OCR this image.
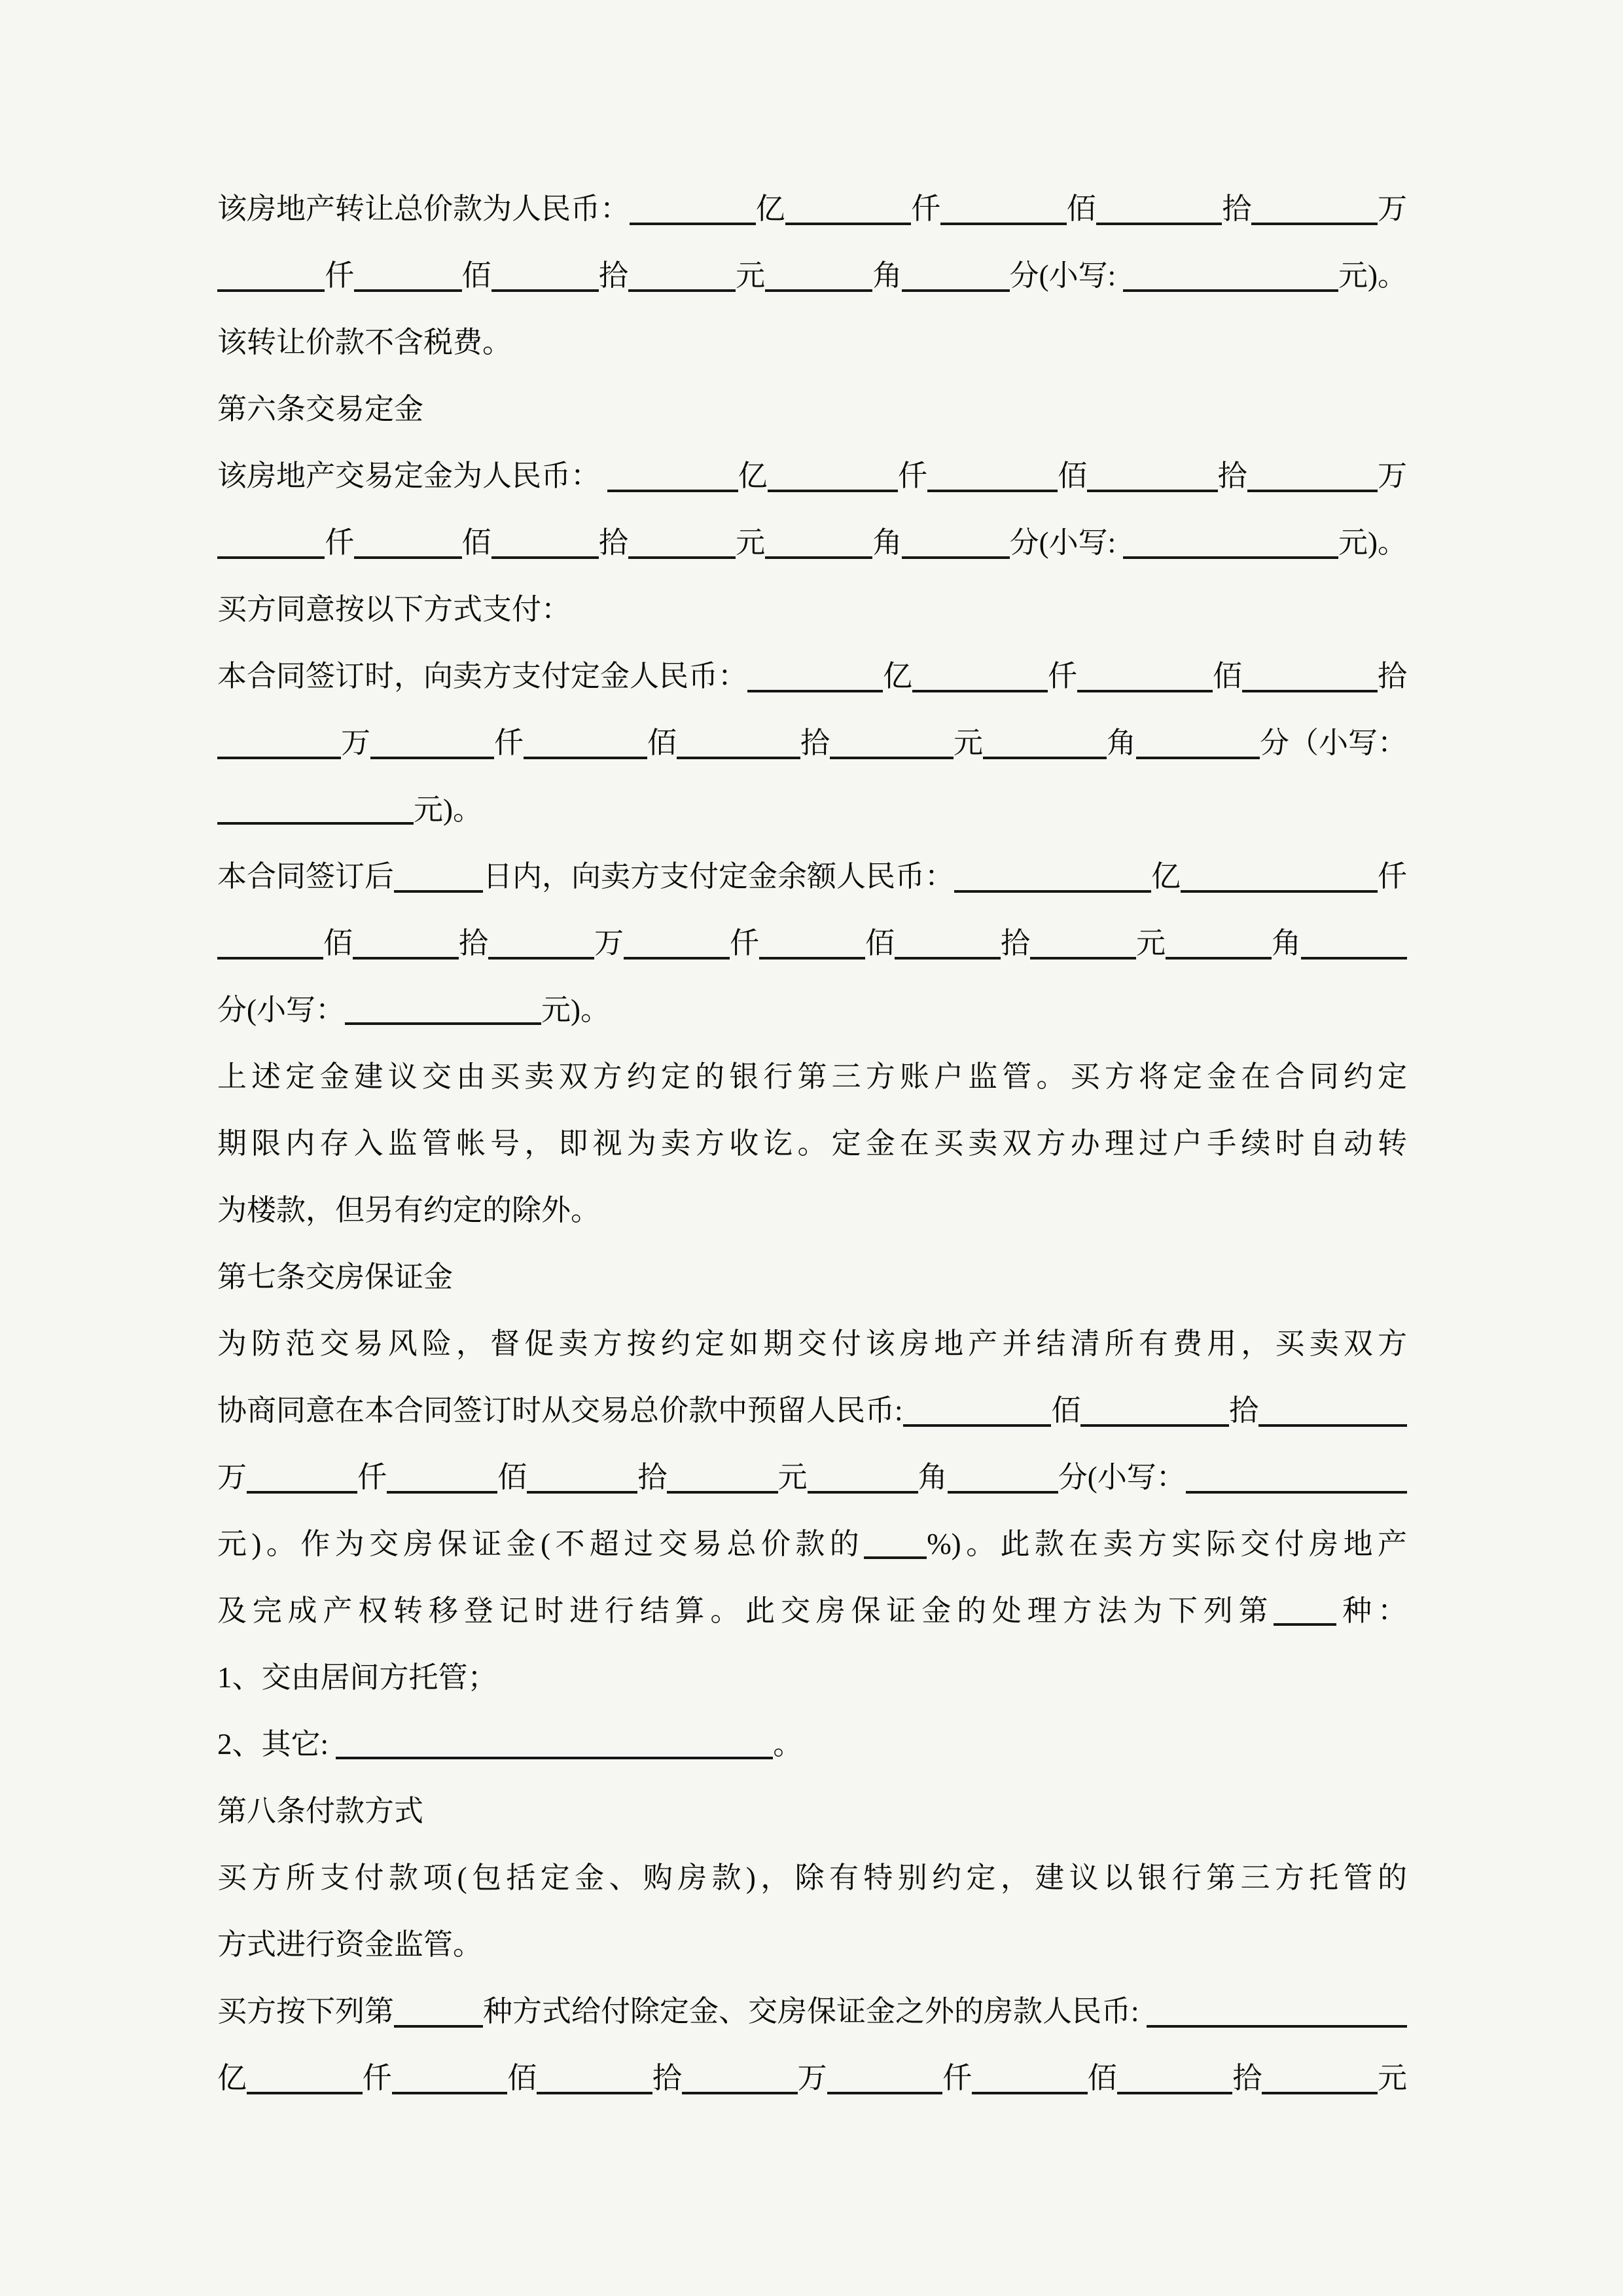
该房地产转让总价款为人民币：	亿	仟	佰	拾	万
仟	佰	拾	元	角	分(小写:	元)。
该转让价款不含税费。
第六条交易定金
该房地产交易定金为人民币：	亿	仟	佰	拾	万
仟	佰	拾	元	角	分(小写:	元)。
买方同意按以下方式支付：
本合同签订时，向卖方支付定金人民币：	亿	仟	佰	拾
万	仟	佰	拾	元	角	分（小写：
元)。
本合同签订后	日内，向卖方支付定金余额人民币：	亿	仟
佰	拾	万	仟	佰	拾	元	角
分(小写：	元)。
上述定金建议交由买卖双方约定的银行第三方账户监管。买方将定金在合同约定
期限内存入监管帐号，即视为卖方收讫。定金在买卖双方办理过户手续时自动转
为楼款，但另有约定的除外。
第七条交房保证金
为防范交易风险，督促卖方按约定如期交付该房地产并结清所有费用，买卖双方
协商同意在本合同签订时从交易总价款中预留人民币:	佰	拾
万	仟	佰	拾	元	角	分(小写：
元)。作为交房保证金(不超过交易总价款的 %)。此款在卖方实际交付房地产
及完成产权转移登记时进行结算。此交房保证金的处理方法为下列第 种：
1、交由居间方托管；
2、其它:	。
第八条付款方式
买方所支付款项(包括定金、购房款)，除有特别约定，建议以银行第三方托管的
方式进行资金监管。
买方按下列第	种方式给付除定金、交房保证金之外的房款人民币:
亿	仟	佰	拾	万	仟	佰	拾	元
